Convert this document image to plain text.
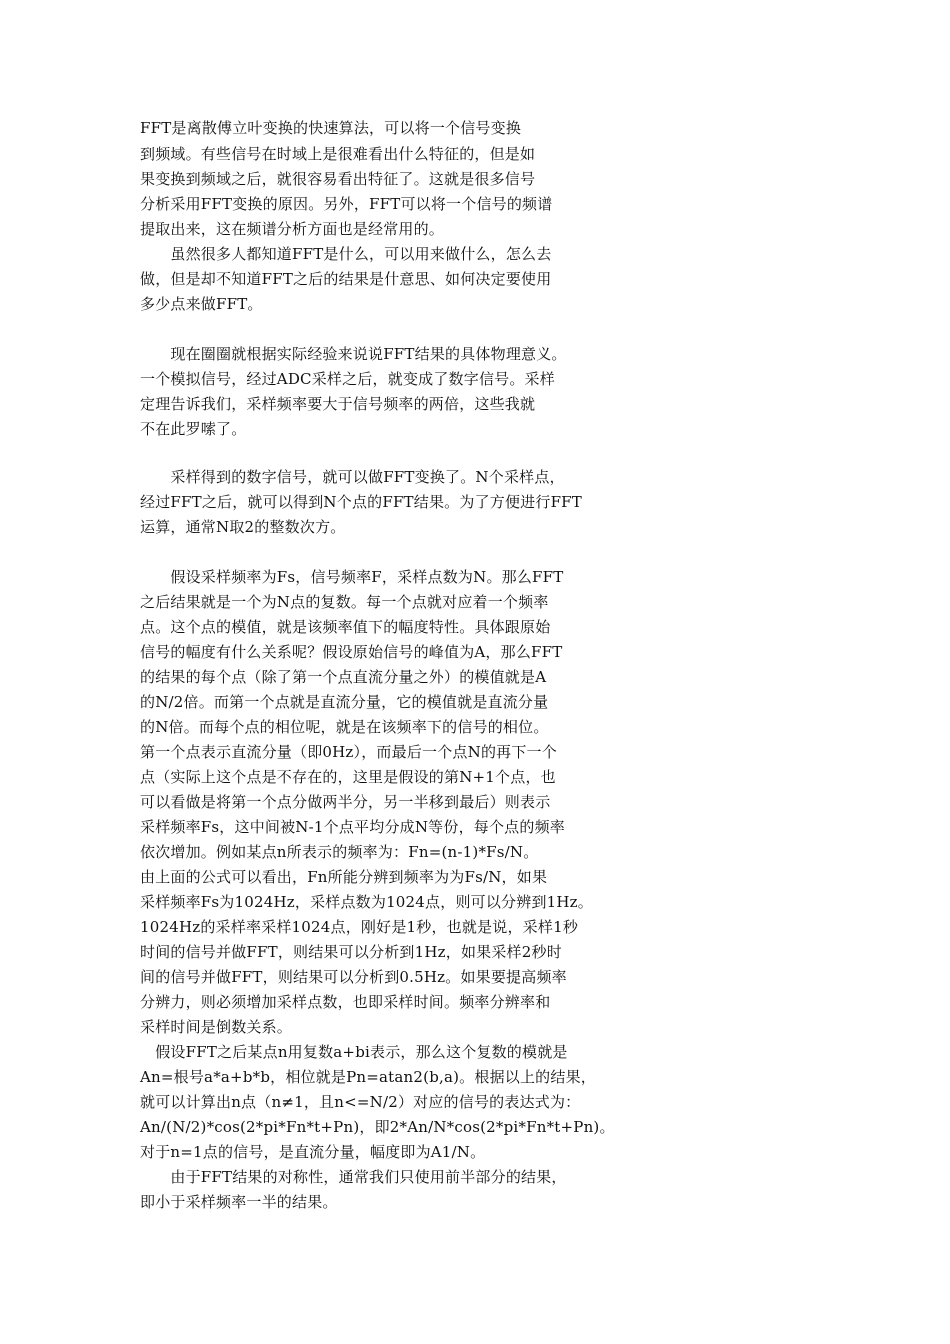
FFT是离散傅立叶变换的快速算法，可以将一个信号变换
到频域。有些信号在时域上是很难看出什么特征的，但是如
果变换到频域之后，就很容易看出特征了。这就是很多信号
分析采用FFT变换的原因。另外，FFT可以将一个信号的频谱
提取出来，这在频谱分析方面也是经常用的。
　　虽然很多人都知道FFT是什么，可以用来做什么，怎么去
做，但是却不知道FFT之后的结果是什意思、如何决定要使用
多少点来做FFT。
　　现在圈圈就根据实际经验来说说FFT结果的具体物理意义。
一个模拟信号，经过ADC采样之后，就变成了数字信号。采样
定理告诉我们，采样频率要大于信号频率的两倍，这些我就
不在此罗嗦了。
　　采样得到的数字信号，就可以做FFT变换了。N个采样点，
经过FFT之后，就可以得到N个点的FFT结果。为了方便进行FFT
运算，通常N取2的整数次方。
　　假设采样频率为Fs，信号频率F，采样点数为N。那么FFT
之后结果就是一个为N点的复数。每一个点就对应着一个频率
点。这个点的模值，就是该频率值下的幅度特性。具体跟原始
信号的幅度有什么关系呢？假设原始信号的峰值为A，那么FFT
的结果的每个点（除了第一个点直流分量之外）的模值就是A
的N/2倍。而第一个点就是直流分量，它的模值就是直流分量
的N倍。而每个点的相位呢，就是在该频率下的信号的相位。
第一个点表示直流分量（即0Hz），而最后一个点N的再下一个
点（实际上这个点是不存在的，这里是假设的第N+1个点，也
可以看做是将第一个点分做两半分，另一半移到最后）则表示
采样频率Fs，这中间被N-1个点平均分成N等份，每个点的频率
依次增加。例如某点n所表示的频率为：Fn=(n-1)*Fs/N。
由上面的公式可以看出，Fn所能分辨到频率为为Fs/N，如果
采样频率Fs为1024Hz，采样点数为1024点，则可以分辨到1Hz。
1024Hz的采样率采样1024点，刚好是1秒，也就是说，采样1秒
时间的信号并做FFT，则结果可以分析到1Hz，如果采样2秒时
间的信号并做FFT，则结果可以分析到0.5Hz。如果要提高频率
分辨力，则必须增加采样点数，也即采样时间。频率分辨率和
采样时间是倒数关系。
　假设FFT之后某点n用复数a+bi表示，那么这个复数的模就是
An=根号a*a+b*b，相位就是Pn=atan2(b,a)。根据以上的结果，
就可以计算出n点（n≠1，且n<=N/2）对应的信号的表达式为：
An/(N/2)*cos(2*pi*Fn*t+Pn)，即2*An/N*cos(2*pi*Fn*t+Pn)。
对于n=1点的信号，是直流分量，幅度即为A1/N。
　　由于FFT结果的对称性，通常我们只使用前半部分的结果，
即小于采样频率一半的结果。
